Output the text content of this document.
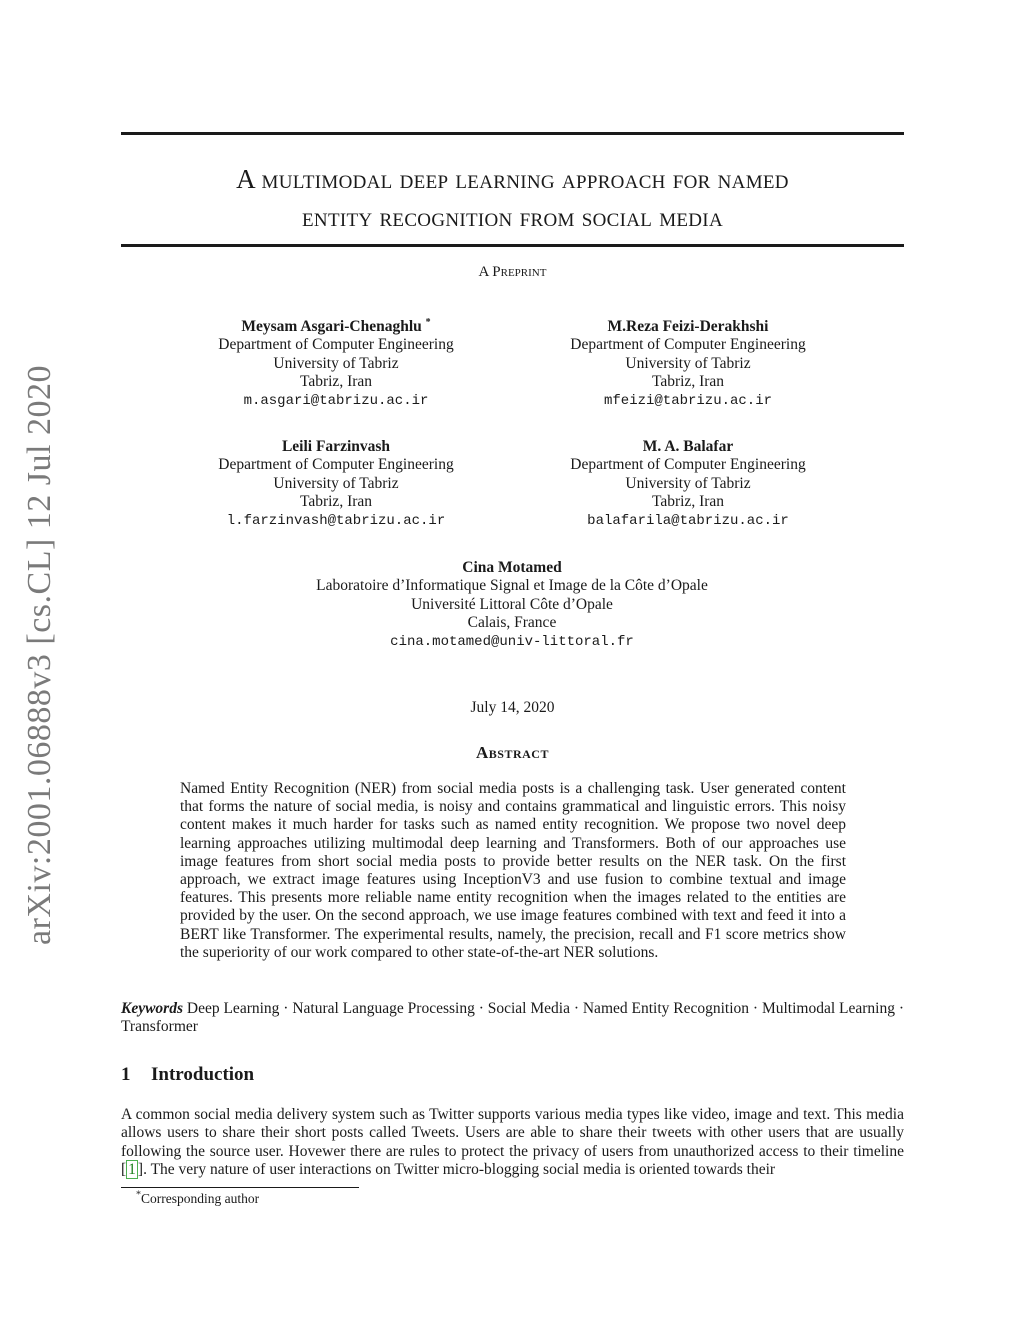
arXiv:2001.06888v3 [cs.CL] 12 Jul 2020
A multimodal deep learning approach for named
entity recognition from social media
A Preprint
Meysam Asgari-Chenaghlu *
Department of Computer Engineering
University of Tabriz
Tabriz, Iran
m.asgari@tabrizu.ac.ir
M.Reza Feizi-Derakhshi
Department of Computer Engineering
University of Tabriz
Tabriz, Iran
mfeizi@tabrizu.ac.ir
Leili Farzinvash
Department of Computer Engineering
University of Tabriz
Tabriz, Iran
l.farzinvash@tabrizu.ac.ir
M. A. Balafar
Department of Computer Engineering
University of Tabriz
Tabriz, Iran
balafarila@tabrizu.ac.ir
Cina Motamed
Laboratoire d’Informatique Signal et Image de la Côte d’Opale
Université Littoral Côte d’Opale
Calais, France
cina.motamed@univ-littoral.fr
July 14, 2020
Abstract
Named Entity Recognition (NER) from social media posts is a challenging task. User generated content that forms the nature of social media, is noisy and contains grammatical and linguistic errors. This noisy content makes it much harder for tasks such as named entity recognition. We propose two novel deep learning approaches utilizing multimodal deep learning and Transformers. Both of our approaches use image features from short social media posts to provide better results on the NER task. On the first approach, we extract image features using InceptionV3 and use fusion to combine textual and image features. This presents more reliable name entity recognition when the images related to the entities are provided by the user. On the second approach, we use image features combined with text and feed it into a BERT like Transformer. The experimental results, namely, the precision, recall and F1 score metrics show the superiority of our work compared to other state-of-the-art NER solutions.
Keywords Deep Learning · Natural Language Processing · Social Media · Named Entity Recognition · Multimodal Learning · Transformer
1 Introduction
A common social media delivery system such as Twitter supports various media types like video, image and text. This media allows users to share their short posts called Tweets. Users are able to share their tweets with other users that are usually following the source user. Hovewer there are rules to protect the privacy of users from unauthorized access to their timeline [ 1 ]. The very nature of user interactions on Twitter micro-blogging social media is oriented towards their
*Corresponding author
